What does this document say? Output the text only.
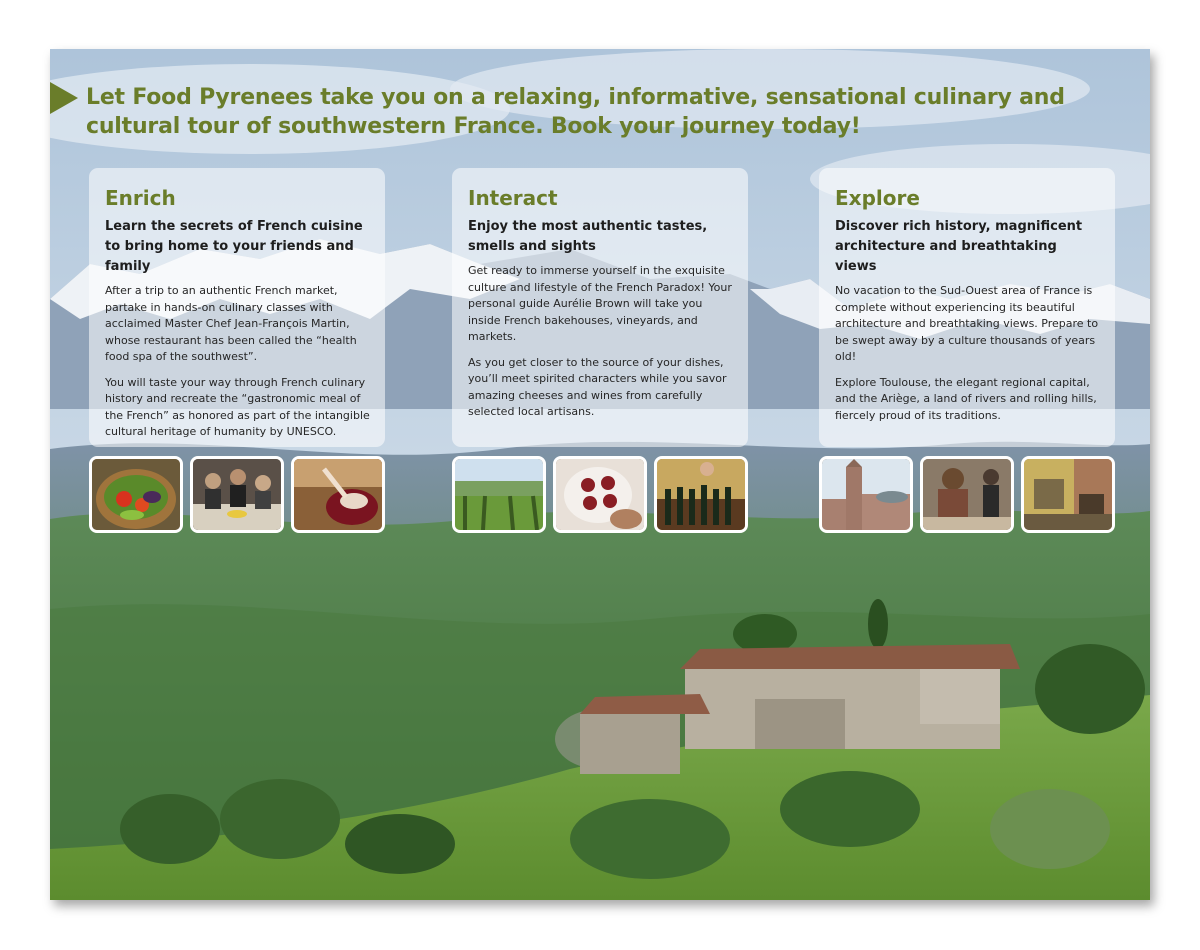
Let Food Pyrenees take you on a relaxing, informative, sensational culinary and cultural tour of southwestern France. Book your journey today!
Enrich
Learn the secrets of French cuisine to bring home to your friends and family

After a trip to an authentic French market, partake in hands-on culinary classes with acclaimed Master Chef Jean-François Martin, whose restaurant has been called the “health food spa of the southwest”.

You will taste your way through French culinary history and recreate the “gastronomic meal of the French” as honored as part of the intangible cultural heritage of humanity by UNESCO.

Interact
Enjoy the most authentic tastes, smells and sights

Get ready to immerse yourself in the exquisite culture and lifestyle of the French Paradox! Your personal guide Aurélie Brown will take you inside French bakehouses, vineyards, and markets.

As you get closer to the source of your dishes, you’ll meet spirited characters while you savor amazing cheeses and wines from carefully selected local artisans.

Explore
Discover rich history, magnificent architecture and breathtaking views

No vacation to the Sud-Ouest area of France is complete without experiencing its beautiful architecture and breathtaking views. Prepare to be swept away by a culture thousands of years old!

Explore Toulouse, the elegant regional capital, and the Ariège, a land of rivers and rolling hills, fiercely proud of its traditions.
